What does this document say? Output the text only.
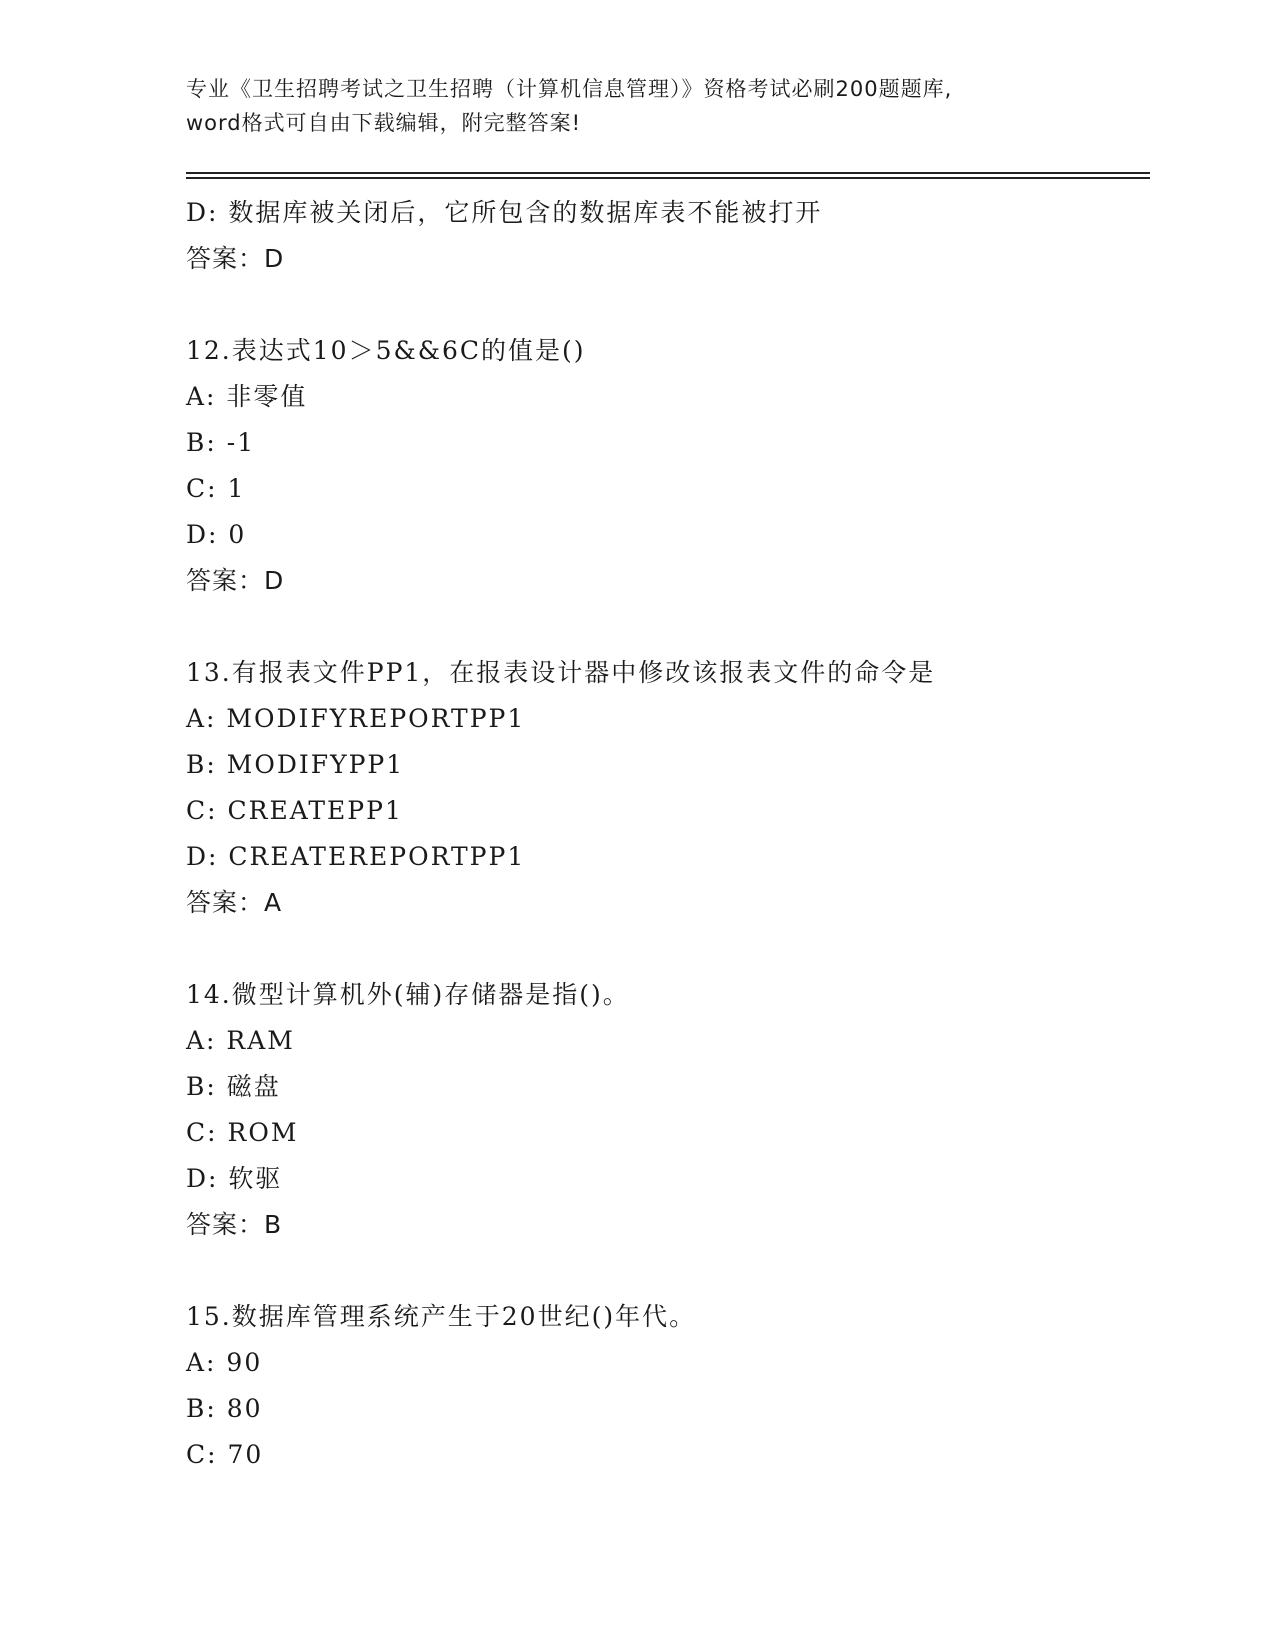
专业《卫生招聘考试之卫生招聘（计算机信息管理）》资格考试必刷200题题库,
word格式可自由下载编辑，附完整答案!
D: 数据库被关闭后，它所包含的数据库表不能被打开
答案：D
12.表达式10＞5&&6C的值是()
A: 非零值
B: -1
C: 1
D: 0
答案：D
13.有报表文件PP1，在报表设计器中修改该报表文件的命令是
A: MODIFYREPORTPP1
B: MODIFYPP1
C: CREATEPP1
D: CREATEREPORTPP1
答案：A
14.微型计算机外(辅)存储器是指()。
A: RAM
B: 磁盘
C: ROM
D: 软驱
答案：B
15.数据库管理系统产生于20世纪()年代。
A: 90
B: 80
C: 70
